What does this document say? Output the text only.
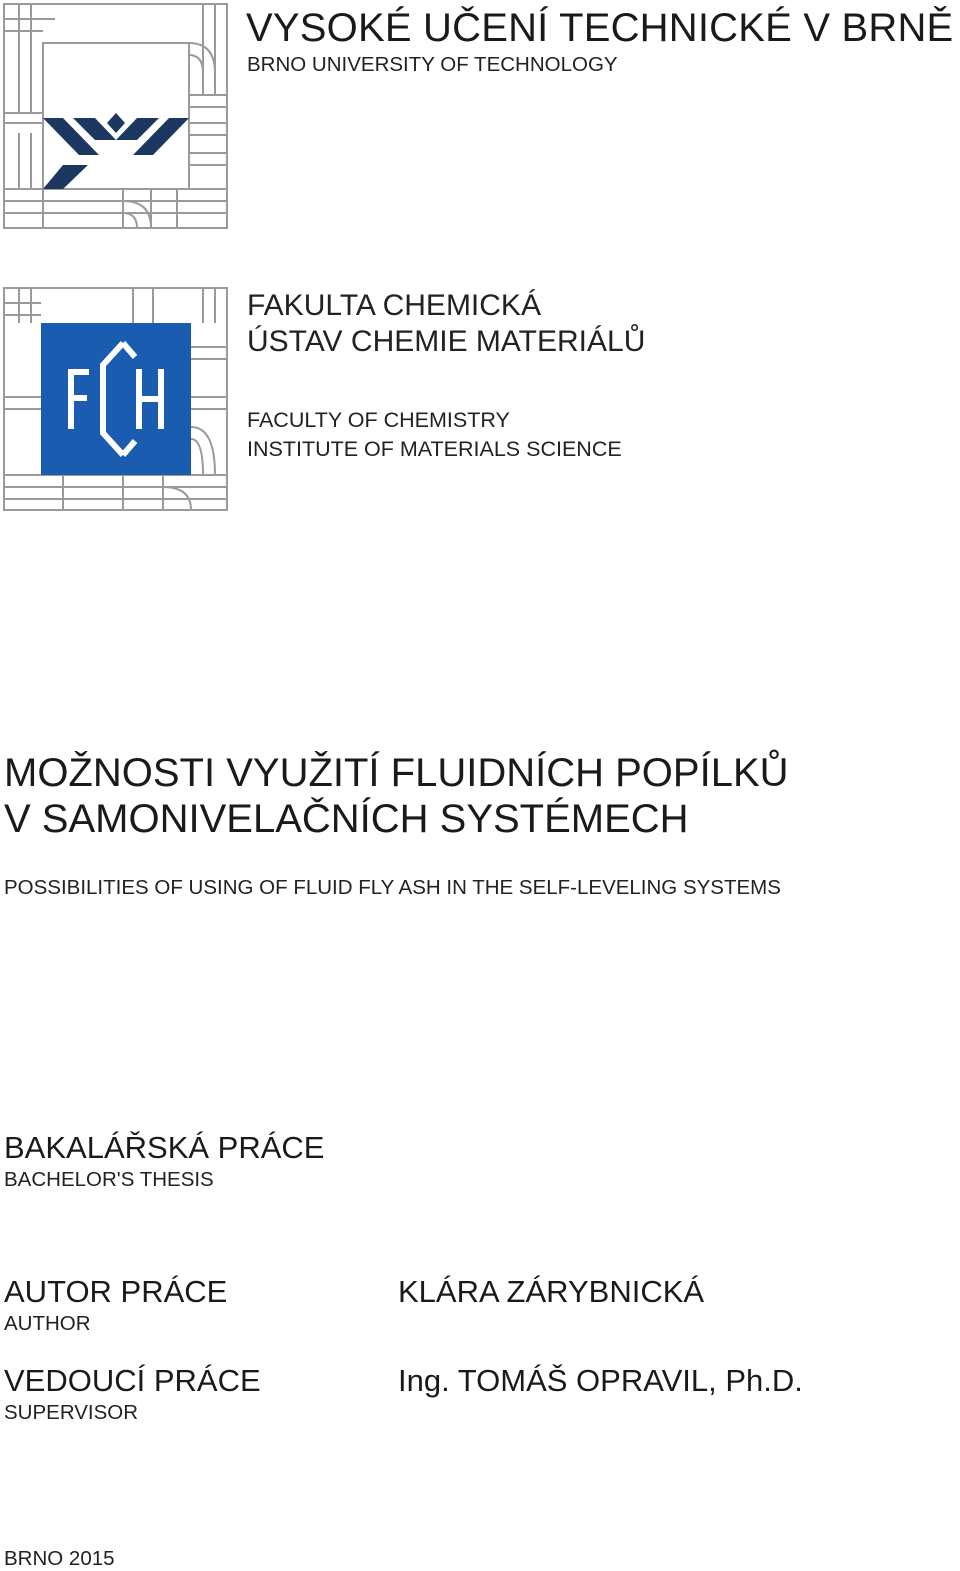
VYSOKÉ UČENÍ TECHNICKÉ V BRNĚ
BRNO UNIVERSITY OF TECHNOLOGY
FAKULTA CHEMICKÁ
ÚSTAV CHEMIE MATERIÁLŮ
FACULTY OF CHEMISTRY
INSTITUTE OF MATERIALS SCIENCE
MOŽNOSTI VYUŽITÍ FLUIDNÍCH POPÍLKŮ
V SAMONIVELAČNÍCH SYSTÉMECH
POSSIBILITIES OF USING OF FLUID FLY ASH IN THE SELF-LEVELING SYSTEMS
BAKALÁŘSKÁ PRÁCE
BACHELOR'S THESIS
AUTOR PRÁCE
AUTHOR
KLÁRA ZÁRYBNICKÁ
VEDOUCÍ PRÁCE
SUPERVISOR
Ing. TOMÁŠ OPRAVIL, Ph.D.
BRNO 2015
